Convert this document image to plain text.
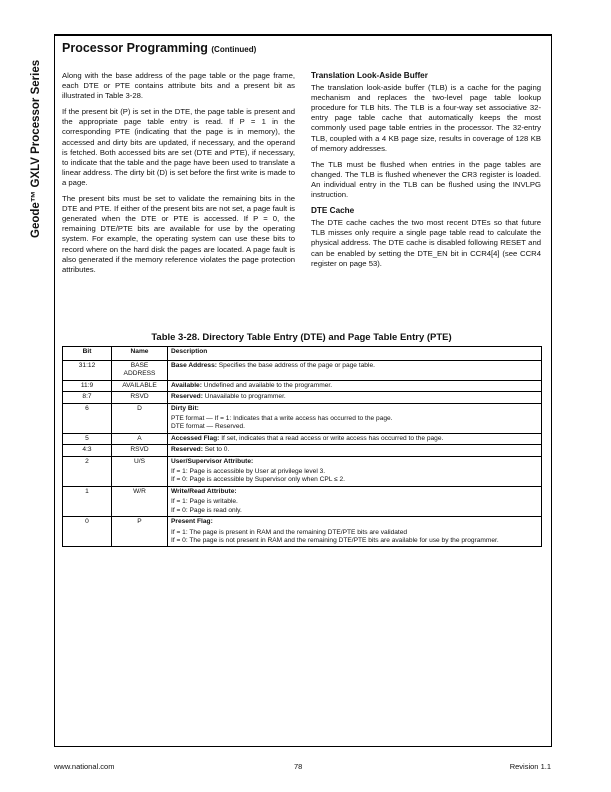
Geode™ GXLV Processor Series
Processor Programming (Continued)

Along with the base address of the page table or the page frame, each DTE or PTE contains attribute bits and a present bit as illustrated in Table 3-28.

If the present bit (P) is set in the DTE, the page table is present and the appropriate page table entry is read. If P = 1 in the corresponding PTE (indicating that the page is in memory), the accessed and dirty bits are updated, if necessary, and the operand is fetched. Both accessed bits are set (DTE and PTE), if necessary, to indicate that the table and the page have been used to translate a linear address. The dirty bit (D) is set before the first write is made to a page.

The present bits must be set to validate the remaining bits in the DTE and PTE. If either of the present bits are not set, a page fault is generated when the DTE or PTE is accessed. If P = 0, the remaining DTE/PTE bits are available for use by the operating system. For example, the operating system can use these bits to record where on the hard disk the pages are located. A page fault is also generated if the memory reference violates the page protection attributes.

Translation Look-Aside Buffer

The translation look-aside buffer (TLB) is a cache for the paging mechanism and replaces the two-level page table lookup procedure for TLB hits. The TLB is a four-way set associative 32-entry page table cache that automatically keeps the most commonly used page table entries in the processor. The 32-entry TLB, coupled with a 4 KB page size, results in coverage of 128 KB of memory addresses.

The TLB must be flushed when entries in the page tables are changed. The TLB is flushed whenever the CR3 register is loaded. An individual entry in the TLB can be flushed using the INVLPG instruction.

DTE Cache

The DTE cache caches the two most recent DTEs so that future TLB misses only require a single page table read to calculate the physical address. The DTE cache is disabled following RESET and can be enabled by setting the DTE_EN bit in CCR4[4] (see CCR4 register on page 53).

Table 3-28. Directory Table Entry (DTE) and Page Table Entry (PTE)
Bit	Name	Description
31:12	BASE ADDRESS	Base Address: Specifies the base address of the page or page table.
11:9	AVAILABLE	Available: Undefined and available to the programmer.
8:7	RSVD	Reserved: Unavailable to programmer.
6	D	Dirty Bit:
PTE format — If = 1: Indicates that a write access has occurred to the page.
DTE format — Reserved.

5	A	Accessed Flag: If set, indicates that a read access or write access has occurred to the page.
4:3	RSVD	Reserved: Set to 0.
2	U/S	User/Supervisor Attribute:
If = 1: Page is accessible by User at privilege level 3.
If = 0: Page is accessible by Supervisor only when CPL ≤ 2.

1	W/R	Write/Read Attribute:
If = 1: Page is writable.
If = 0: Page is read only.

0	P	Present Flag:
If = 1: The page is present in RAM and the remaining DTE/PTE bits are validated
If = 0: The page is not present in RAM and the remaining DTE/PTE bits are available for use by the programmer.
www.national.com	78	Revision 1.1
